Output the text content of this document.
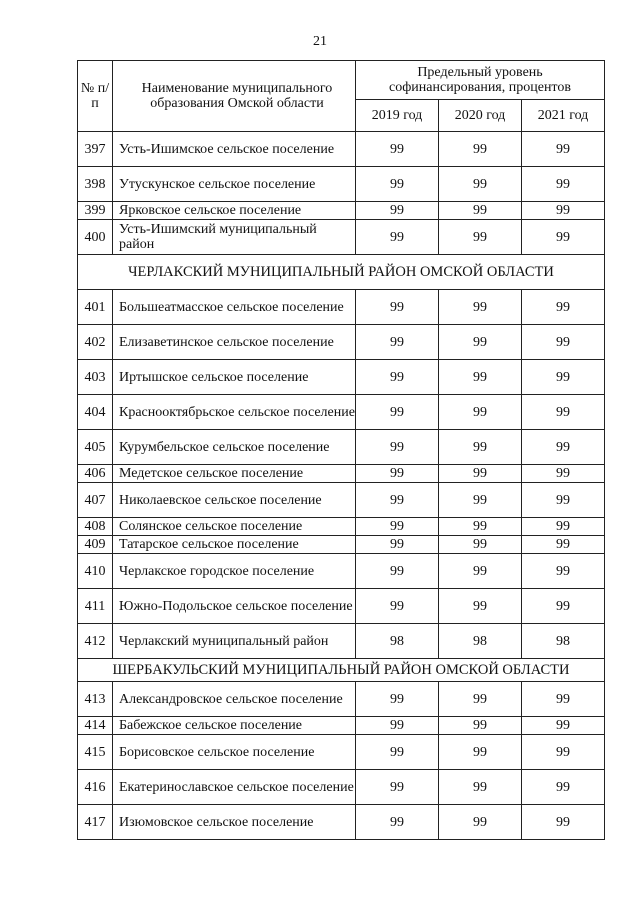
21
№ п/п	Наименование муниципального образования Омской области	Предельный уровень софинансирования, процентов		
		2019 год	2020 год	2021 год
397	Усть-Ишимское сельское поселение	99	99	99
398	Утускунское сельское поселение	99	99	99
399	Ярковское сельское поселение	99	99	99
400	Усть-Ишимский муниципальный район	99	99	99
ЧЕРЛАКСКИЙ МУНИЦИПАЛЬНЫЙ РАЙОН ОМСКОЙ ОБЛАСТИ				
401	Большеатмасское сельское поселение	99	99	99
402	Елизаветинское сельское поселение	99	99	99
403	Иртышское сельское поселение	99	99	99
404	Краснооктябрьское сельское поселение	99	99	99
405	Курумбельское сельское поселение	99	99	99
406	Медетское сельское поселение	99	99	99
407	Николаевское сельское поселение	99	99	99
408	Солянское сельское поселение	99	99	99
409	Татарское сельское поселение	99	99	99
410	Черлакское городское поселение	99	99	99
411	Южно-Подольское сельское поселение	99	99	99
412	Черлакский муниципальный район	98	98	98
ШЕРБАКУЛЬСКИЙ МУНИЦИПАЛЬНЫЙ РАЙОН ОМСКОЙ ОБЛАСТИ				
413	Александровское сельское поселение	99	99	99
414	Бабежское сельское поселение	99	99	99
415	Борисовское сельское поселение	99	99	99
416	Екатеринославское сельское поселение	99	99	99
417	Изюмовское сельское поселение	99	99	99
